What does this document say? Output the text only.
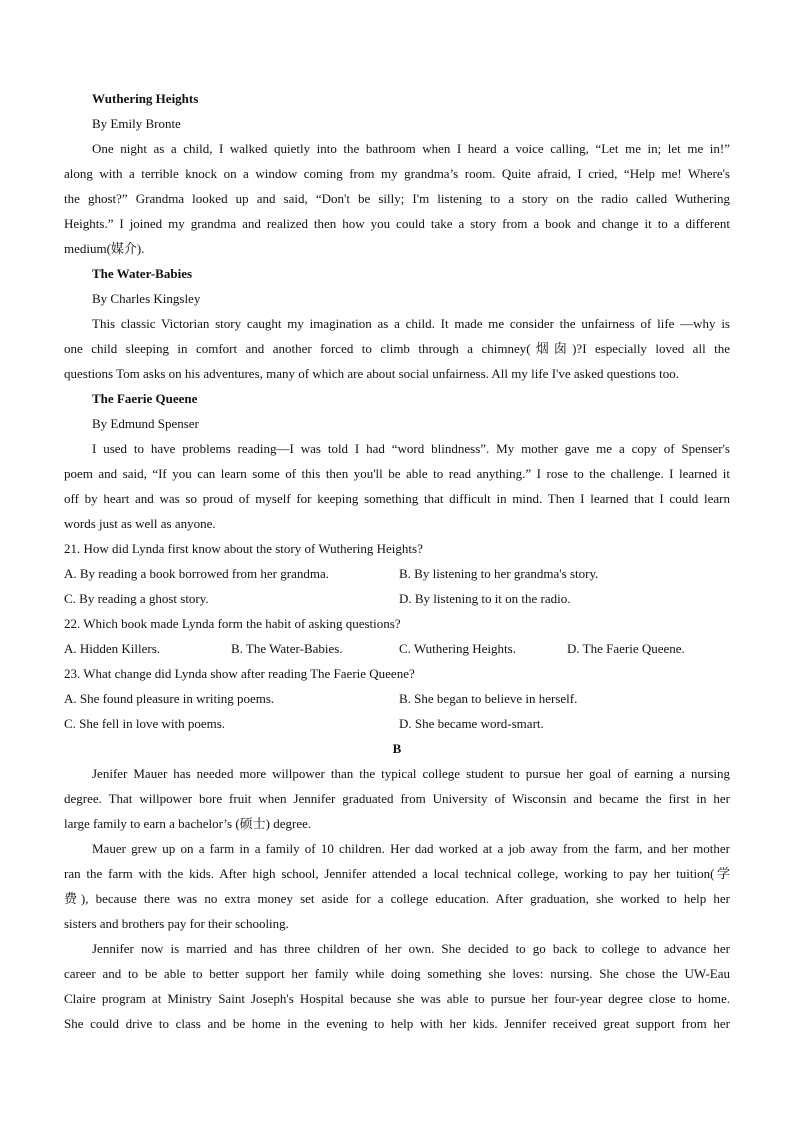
Wuthering Heights
By Emily Bronte
One night as a child, I walked quietly into the bathroom when I heard a voice calling, “Let me in; let me in!”
along with a terrible knock on a window coming from my grandma’s room. Quite afraid, I cried, “Help me! Where's
the ghost?” Grandma looked up and said, “Don't be silly; I'm listening to a story on the radio called Wuthering
Heights.” I joined my grandma and realized then how you could take a story from a book and change it to a different
medium(媒介).
The Water-Babies
By Charles Kingsley
This classic Victorian story caught my imagination as a child. It made me consider the unfairness of life —why is
one child sleeping in comfort and another forced to climb through a chimney(烟囱)?I especially loved all the
questions Tom asks on his adventures, many of which are about social unfairness. All my life I've asked questions too.
The Faerie Queene
By Edmund Spenser
I used to have problems reading—I was told I had “word blindness”. My mother gave me a copy of Spenser's
poem and said, “If you can learn some of this then you'll be able to read anything.” I rose to the challenge. I learned it
off by heart and was so proud of myself for keeping something that difficult in mind. Then I learned that I could learn
words just as well as anyone.
21. How did Lynda first know about the story of Wuthering Heights?
A. By reading a book borrowed from her grandma.	B. By listening to her grandma's story.
C. By reading a ghost story.	D. By listening to it on the radio.
22. Which book made Lynda form the habit of asking questions?
A. Hidden Killers.	B. The Water-Babies.	C. Wuthering Heights.	D. The Faerie Queene.
23. What change did Lynda show after reading The Faerie Queene?
A. She found pleasure in writing poems.	B. She began to believe in herself.
C. She fell in love with poems.	D. She became word-smart.
B
Jenifer Mauer has needed more willpower than the typical college student to pursue her goal of earning a nursing
degree. That willpower bore fruit when Jennifer graduated from University of Wisconsin and became the first in her
large family to earn a bachelor’s (硕士) degree.
Mauer grew up on a farm in a family of 10 children. Her dad worked at a job away from the farm, and her mother
ran the farm with the kids. After high school, Jennifer attended a local technical college, working to pay her tuition(学
费), because there was no extra money set aside for a college education. After graduation, she worked to help her
sisters and brothers pay for their schooling.
Jennifer now is married and has three children of her own. She decided to go back to college to advance her
career and to be able to better support her family while doing something she loves: nursing. She chose the UW-Eau
Claire program at Ministry Saint Joseph's Hospital because she was able to pursue her four-year degree close to home.
She could drive to class and be home in the evening to help with her kids. Jennifer received great support from her
